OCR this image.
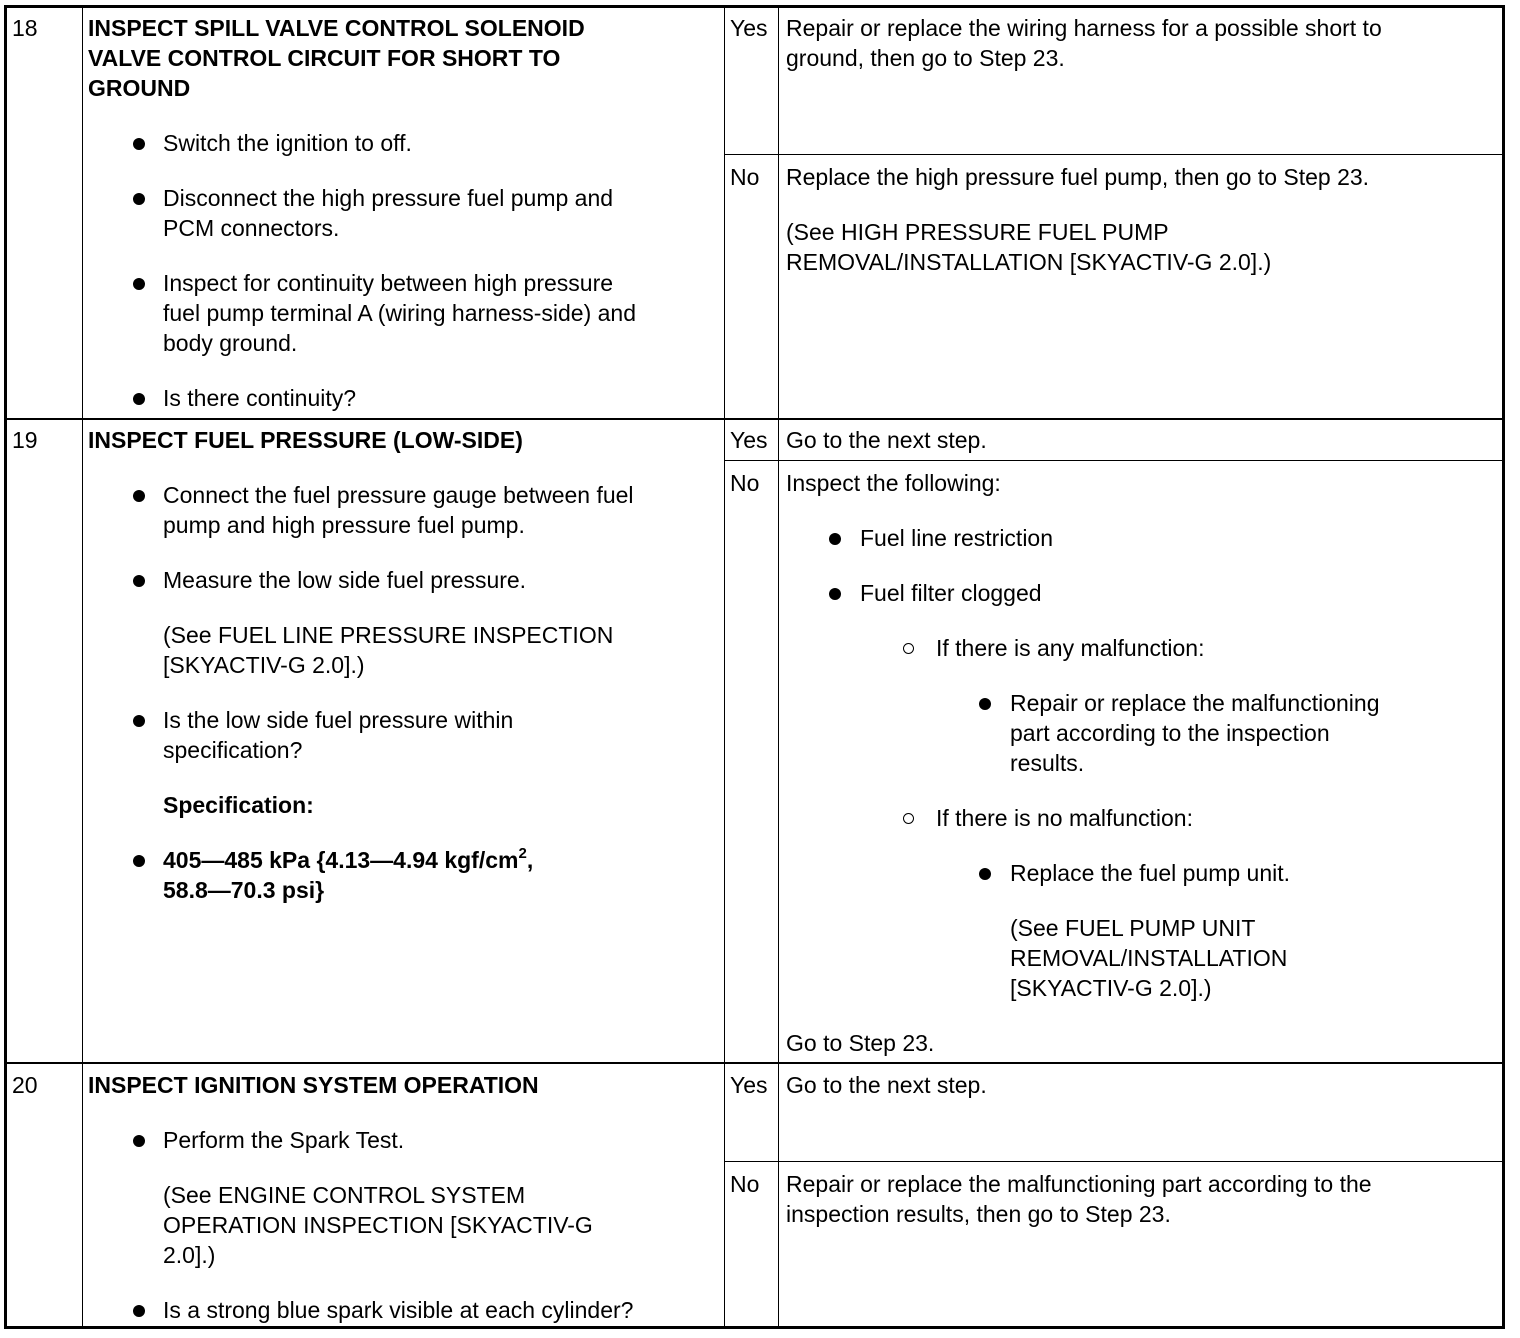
18 INSPECT SPILL VALVE CONTROL SOLENOID
VALVE CONTROL CIRCUIT FOR SHORT TO
GROUND
Switch the ignition to off.
Disconnect the high pressure fuel pump and
PCM connectors.
Inspect for continuity between high pressure
fuel pump terminal A (wiring harness-side) and
body ground.
Is there continuity?
Yes Repair or replace the wiring harness for a possible short to
ground, then go to Step 23.
No Replace the high pressure fuel pump, then go to Step 23.
(See HIGH PRESSURE FUEL PUMP
REMOVAL/INSTALLATION [SKYACTIV-G 2.0].)
19 INSPECT FUEL PRESSURE (LOW-SIDE)
Connect the fuel pressure gauge between fuel
pump and high pressure fuel pump.
Measure the low side fuel pressure.
(See FUEL LINE PRESSURE INSPECTION
[SKYACTIV-G 2.0].)
Is the low side fuel pressure within
specification?
Specification:
405—485 kPa {4.13—4.94 kgf/$cm^2$,
58.8—70.3 psi}
Yes Go to the next step.
No Inspect the following:
Fuel line restriction
Fuel filter clogged
If there is any malfunction:
Repair or replace the malfunctioning
part according to the inspection
results.
If there is no malfunction:
Replace the fuel pump unit.
(See FUEL PUMP UNIT
REMOVAL/INSTALLATION
[SKYACTIV-G 2.0].)
Go to Step 23.
20 INSPECT IGNITION SYSTEM OPERATION
Perform the Spark Test.
(See ENGINE CONTROL SYSTEM
OPERATION INSPECTION [SKYACTIV-G
2.0].)
Is a strong blue spark visible at each cylinder?
Yes Go to the next step.
No Repair or replace the malfunctioning part according to the
inspection results, then go to Step 23.
